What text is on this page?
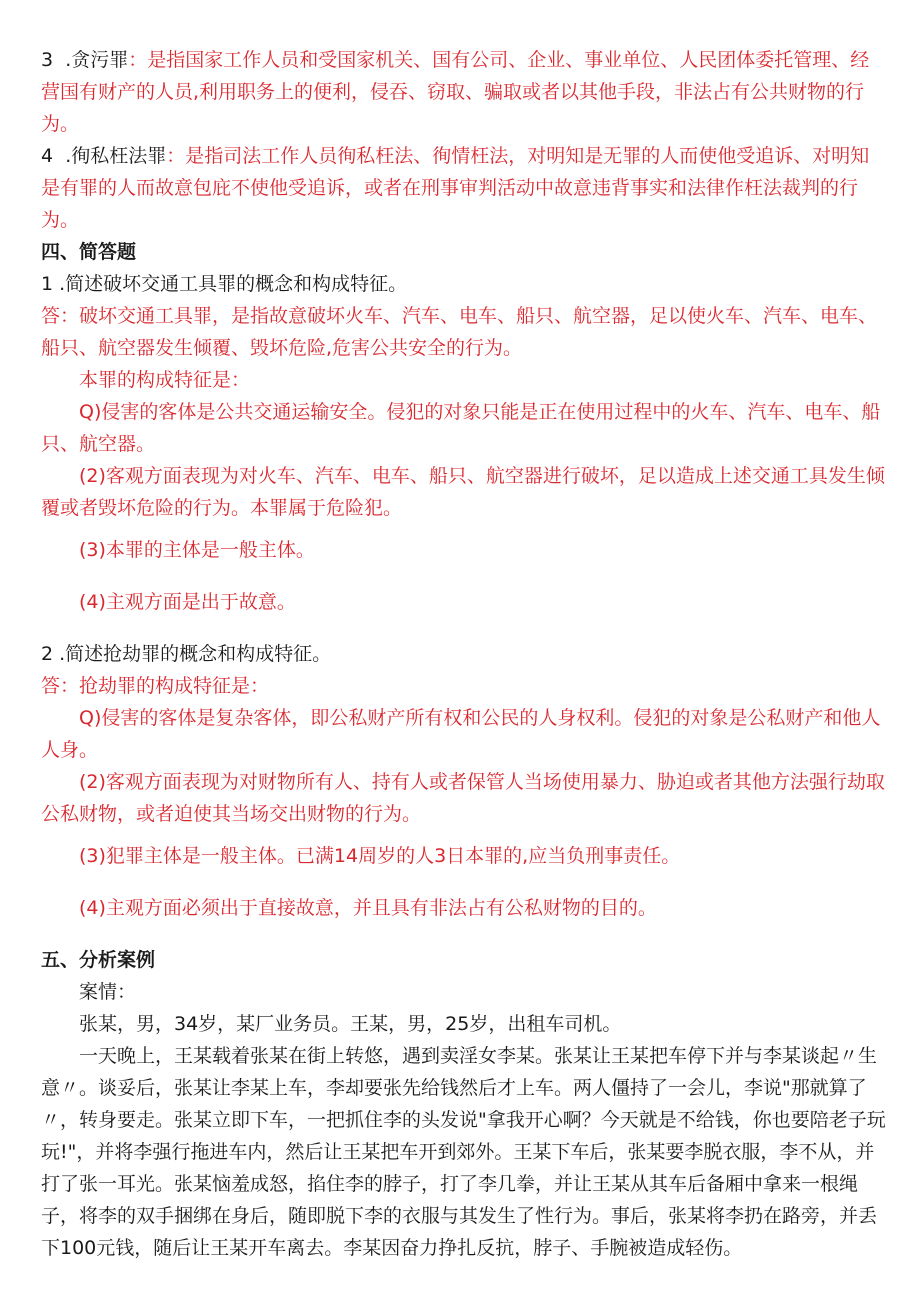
3 .贪污罪：是指国家工作人员和受国家机关、国有公司、企业、事业单位、人民团体委托管理、经营国有财产的人员,利用职务上的便利，侵吞、窃取、骗取或者以其他手段，非法占有公共财物的行为。

4 .徇私枉法罪：是指司法工作人员徇私枉法、徇情枉法，对明知是无罪的人而使他受追诉、对明知是有罪的人而故意包庇不使他受追诉，或者在刑事审判活动中故意违背事实和法律作枉法裁判的行为。

四、简答题

1 .简述破坏交通工具罪的概念和构成特征。

答：破坏交通工具罪，是指故意破坏火车、汽车、电车、船只、航空器，足以使火车、汽车、电车、船只、航空器发生倾覆、毁坏危险,危害公共安全的行为。

本罪的构成特征是：

Q)侵害的客体是公共交通运输安全。侵犯的对象只能是正在使用过程中的火车、汽车、电车、船只、航空器。

(2)客观方面表现为对火车、汽车、电车、船只、航空器进行破坏，足以造成上述交通工具发生倾覆或者毁坏危险的行为。本罪属于危险犯。

(3)本罪的主体是一般主体。

(4)主观方面是出于故意。

2 .简述抢劫罪的概念和构成特征。

答：抢劫罪的构成特征是：

Q)侵害的客体是复杂客体，即公私财产所有权和公民的人身权利。侵犯的对象是公私财产和他人人身。

(2)客观方面表现为对财物所有人、持有人或者保管人当场使用暴力、胁迫或者其他方法强行劫取公私财物，或者迫使其当场交出财物的行为。

(3)犯罪主体是一般主体。已满14周岁的人3日本罪的,应当负刑事责任。

(4)主观方面必须出于直接故意，并且具有非法占有公私财物的目的。

五、分析案例

案情：

张某，男，34岁，某厂业务员。王某，男，25岁，出租车司机。

一天晚上，王某载着张某在街上转悠，遇到卖淫女李某。张某让王某把车停下并与李某谈起〃生意〃。谈妥后，张某让李某上车，李却要张先给钱然后才上车。两人僵持了一会儿，李说"那就算了〃，转身要走。张某立即下车，一把抓住李的头发说"拿我开心啊？今天就是不给钱，你也要陪老子玩玩!"，并将李强行拖进车内，然后让王某把车开到郊外。王某下车后，张某要李脱衣服，李不从，并打了张一耳光。张某恼羞成怒，掐住李的脖子，打了李几拳，并让王某从其车后备厢中拿来一根绳子，将李的双手捆绑在身后，随即脱下李的衣服与其发生了性行为。事后，张某将李扔在路旁，并丢下100元钱，随后让王某开车离去。李某因奋力挣扎反抗，脖子、手腕被造成轻伤。
